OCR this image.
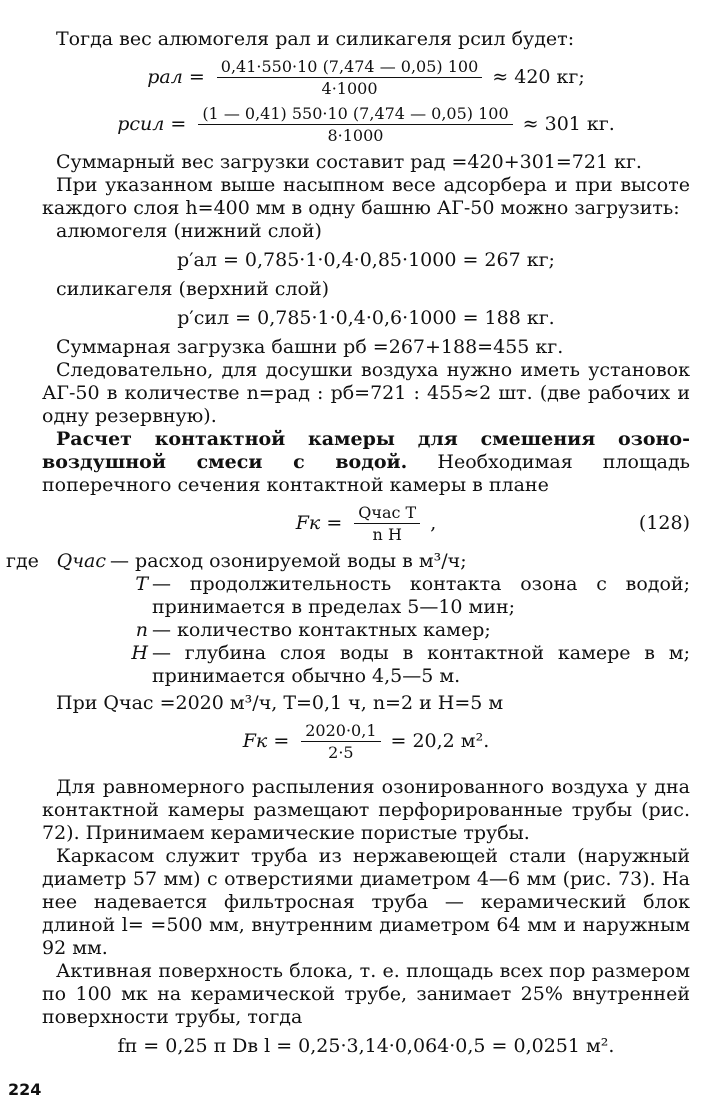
Тогда вес алюмогеля pал и силикагеля pсил будет:

pал = $\frac{0,41\cdot 550\cdot 10 (7,474 — 0,05) 100}{4\cdot 1000} \approx 420$ кг;
pсил = $\frac{(1 — 0,41) 550\cdot 10 (7,474 — 0,05) 100}{8\cdot 1000} \approx 301$ кг.

Суммарный вес загрузки составит pад =420+301=721 кг.

При указанном выше насыпном весе адсорбера и при высоте каждого слоя h=400 мм в одну башню АГ-50 можно загрузить:

алюмогеля (нижний слой)

p′ал = 0,785·1·0,4·0,85·1000 = 267 кг;

силикагеля (верхний слой)

p′сил = 0,785·1·0,4·0,6·1000 = 188 кг.

Суммарная загрузка башни pб =267+188=455 кг.

Следовательно, для досушки воздуха нужно иметь установок АГ-50 в количестве n=pад : pб=721 : 455≈2 шт. (две рабочих и одну резервную).

Расчет контактной камеры для смешения озоно-воздушной смеси с водой. Необходимая площадь поперечного сечения контактной камеры в плане

Fк = $\frac{\text{Qчас T}}{\text{n H}}$ ,	(128)
где Qчас — расход озонируемой воды в м³/ч;
T — продолжительность контакта озона с водой; принимается в пределах 5—10 мин;
n — количество контактных камер;
H — глубина слоя воды в контактной камере в м; принимается обычно 4,5—5 м.

При Qчас =2020 м³/ч, T=0,1 ч, n=2 и H=5 м

Fк = $\frac{2020\cdot 0,1}{2\cdot 5} = 20,2$ м².

Для равномерного распыления озонированного воздуха у дна контактной камеры размещают перфорированные трубы (рис. 72). Принимаем керамические пористые трубы.

Каркасом служит труба из нержавеющей стали (наружный диаметр 57 мм) с отверстиями диаметром 4—6 мм (рис. 73). На нее надевается фильтросная труба — керамический блок длиной l= =500 мм, внутренним диаметром 64 мм и наружным 92 мм.

Активная поверхность блока, т. е. площадь всех пор размером по 100 мк на керамической трубе, занимает 25% внутренней поверхности трубы, тогда

fп = 0,25 π Dв l = 0,25·3,14·0,064·0,5 = 0,0251 м².
224
